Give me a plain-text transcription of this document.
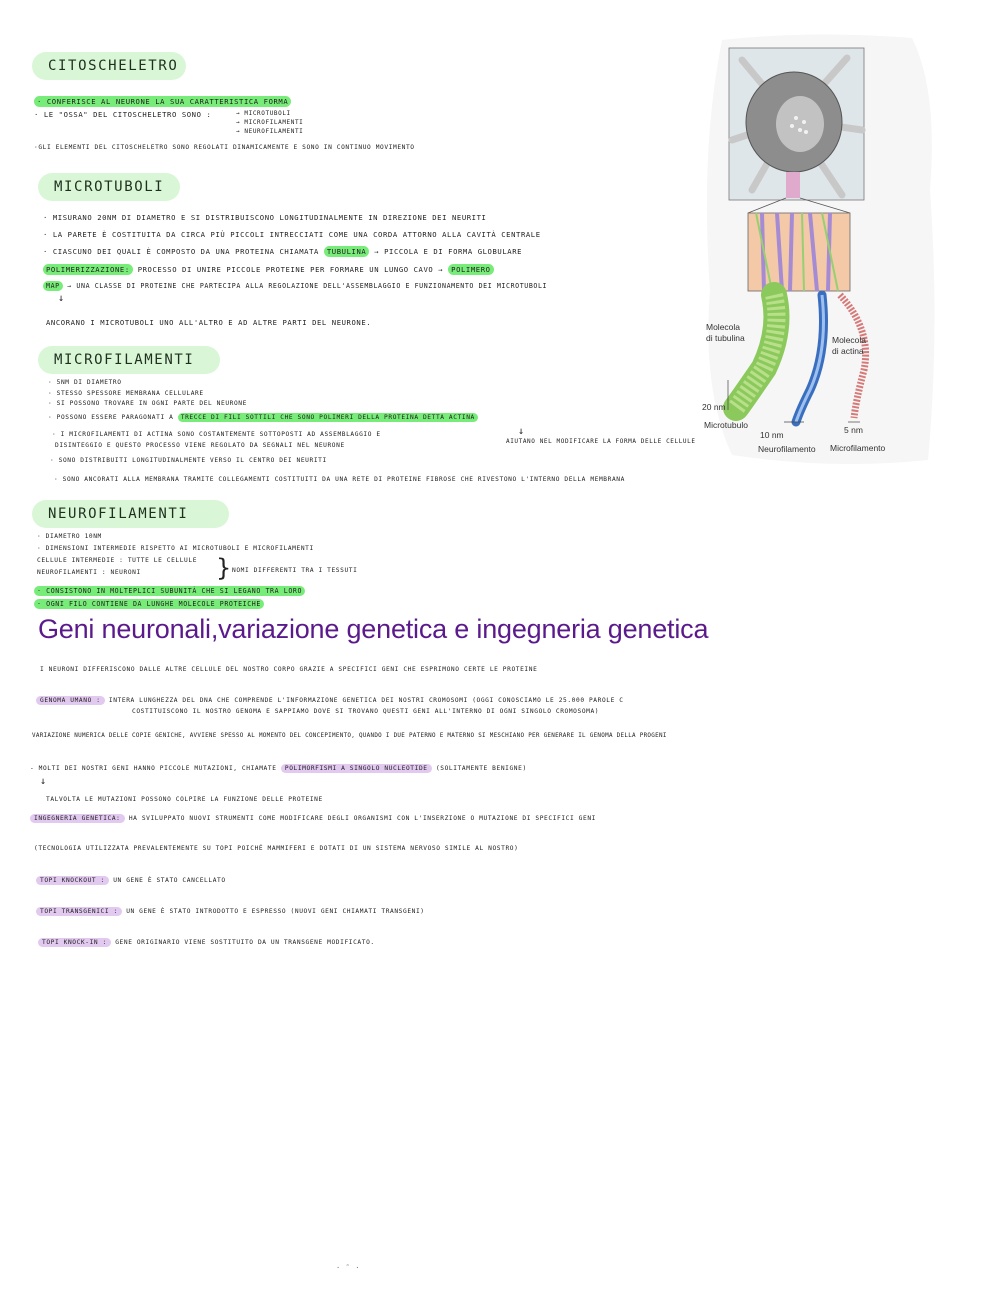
CITOSCHELETRO
· CONFERISCE AL NEURONE LA SUA CARATTERISTICA FORMA
· LE "OSSA" DEL CITOSCHELETRO SONO :	→ MICROTUBOLI
→ MICROFILAMENTI
→ NEUROFILAMENTI
·GLI ELEMENTI DEL CITOSCHELETRO SONO REGOLATI DINAMICAMENTE E SONO IN CONTINUO MOVIMENTO
MICROTUBOLI
· MISURANO 20NM DI DIAMETRO E SI DISTRIBUISCONO LONGITUDINALMENTE IN DIREZIONE DEI NEURITI
· LA PARETE È COSTITUITA DA CIRCA PIÙ PICCOLI INTRECCIATI COME UNA CORDA ATTORNO ALLA CAVITÀ CENTRALE
· CIASCUNO DEI QUALI È COMPOSTO DA UNA PROTEINA CHIAMATA TUBULINA → PICCOLA E DI FORMA GLOBULARE
POLIMERIZZAZIONE: PROCESSO DI UNIRE PICCOLE PROTEINE PER FORMARE UN LUNGO CAVO → POLIMERO
MAP → UNA CLASSE DI PROTEINE CHE PARTECIPA ALLA REGOLAZIONE DELL'ASSEMBLAGGIO E FUNZIONAMENTO DEI MICROTUBOLI
↓
ANCORANO I MICROTUBOLI UNO ALL'ALTRO E AD ALTRE PARTI DEL NEURONE.
MICROFILAMENTI
· 5NM DI DIAMETRO
· STESSO SPESSORE MEMBRANA CELLULARE
· SI POSSONO TROVARE IN OGNI PARTE DEL NEURONE
· POSSONO ESSERE PARAGONATI A TRECCE DI FILI SOTTILI CHE SONO POLIMERI DELLA PROTEINA DETTA ACTINA
· I MICROFILAMENTI DI ACTINA SONO COSTANTEMENTE SOTTOPOSTI AD ASSEMBLAGGIO E
DISINTEGGIO E QUESTO PROCESSO VIENE REGOLATO DA SEGNALI NEL NEURONE
↓
AIUTANO NEL MODIFICARE LA FORMA DELLE CELLULE
· SONO DISTRIBUITI LONGITUDINALMENTE VERSO IL CENTRO DEI NEURITI
· SONO ANCORATI ALLA MEMBRANA TRAMITE COLLEGAMENTI COSTITUITI DA UNA RETE DI PROTEINE FIBROSE CHE RIVESTONO L'INTERNO DELLA MEMBRANA
NEUROFILAMENTI
· DIAMETRO 10NM
· DIMENSIONI INTERMEDIE RISPETTO AI MICROTUBOLI E MICROFILAMENTI
CELLULE INTERMEDIE : TUTTE LE CELLULE
NEUROFILAMENTI : NEURONI	} NOMI DIFFERENTI TRA I TESSUTI
· CONSISTONO IN MOLTEPLICI SUBUNITÀ CHE SI LEGANO TRA LORO
· OGNI FILO CONTIENE DA LUNGHE MOLECOLE PROTEICHE
Geni neuronali,variazione genetica e ingegneria genetica
I NEURONI DIFFERISCONO DALLE ALTRE CELLULE DEL NOSTRO CORPO GRAZIE A SPECIFICI GENI CHE ESPRIMONO CERTE LE PROTEINE
GENOMA UMANO : INTERA LUNGHEZZA DEL DNA CHE COMPRENDE L'INFORMAZIONE GENETICA DEI NOSTRI CROMOSOMI (OGGI CONOSCIAMO LE 25.000 PAROLE C
COSTITUISCONO IL NOSTRO GENOMA E SAPPIAMO DOVE SI TROVANO QUESTI GENI ALL'INTERNO DI OGNI SINGOLO CROMOSOMA)
VARIAZIONE NUMERICA DELLE COPIE GENICHE, AVVIENE SPESSO AL MOMENTO DEL CONCEPIMENTO, QUANDO I DUE PATERNO E MATERNO SI MESCHIANO PER GENERARE IL GENOMA DELLA PROGENI
- MOLTI DEI NOSTRI GENI HANNO PICCOLE MUTAZIONI, CHIAMATE POLIMORFISMI A SINGOLO NUCLEOTIDE (SOLITAMENTE BENIGNE)
↓
TALVOLTA LE MUTAZIONI POSSONO COLPIRE LA FUNZIONE DELLE PROTEINE
INGEGNERIA GENETICA: HA SVILUPPATO NUOVI STRUMENTI COME MODIFICARE DEGLI ORGANISMI CON L'INSERZIONE O MUTAZIONE DI SPECIFICI GENI
(TECNOLOGIA UTILIZZATA PREVALENTEMENTE SU TOPI POICHÉ MAMMIFERI E DOTATI DI UN SISTEMA NERVOSO SIMILE AL NOSTRO)
TOPI KNOCKOUT : UN GENE È STATO CANCELLATO
TOPI TRANSGENICI : UN GENE È STATO INTRODOTTO E ESPRESSO (NUOVI GENI CHIAMATI TRANSGENI)
TOPI KNOCK-IN : GENE ORIGINARIO VIENE SOSTITUITO DA UN TRANSGENE MODIFICATO.
· ˜ ·
Molecola
di tubulina	Molecola
di actina
20 nm
Microtubulo
10 nm	5 nm
Neurofilamento Microfilamento
